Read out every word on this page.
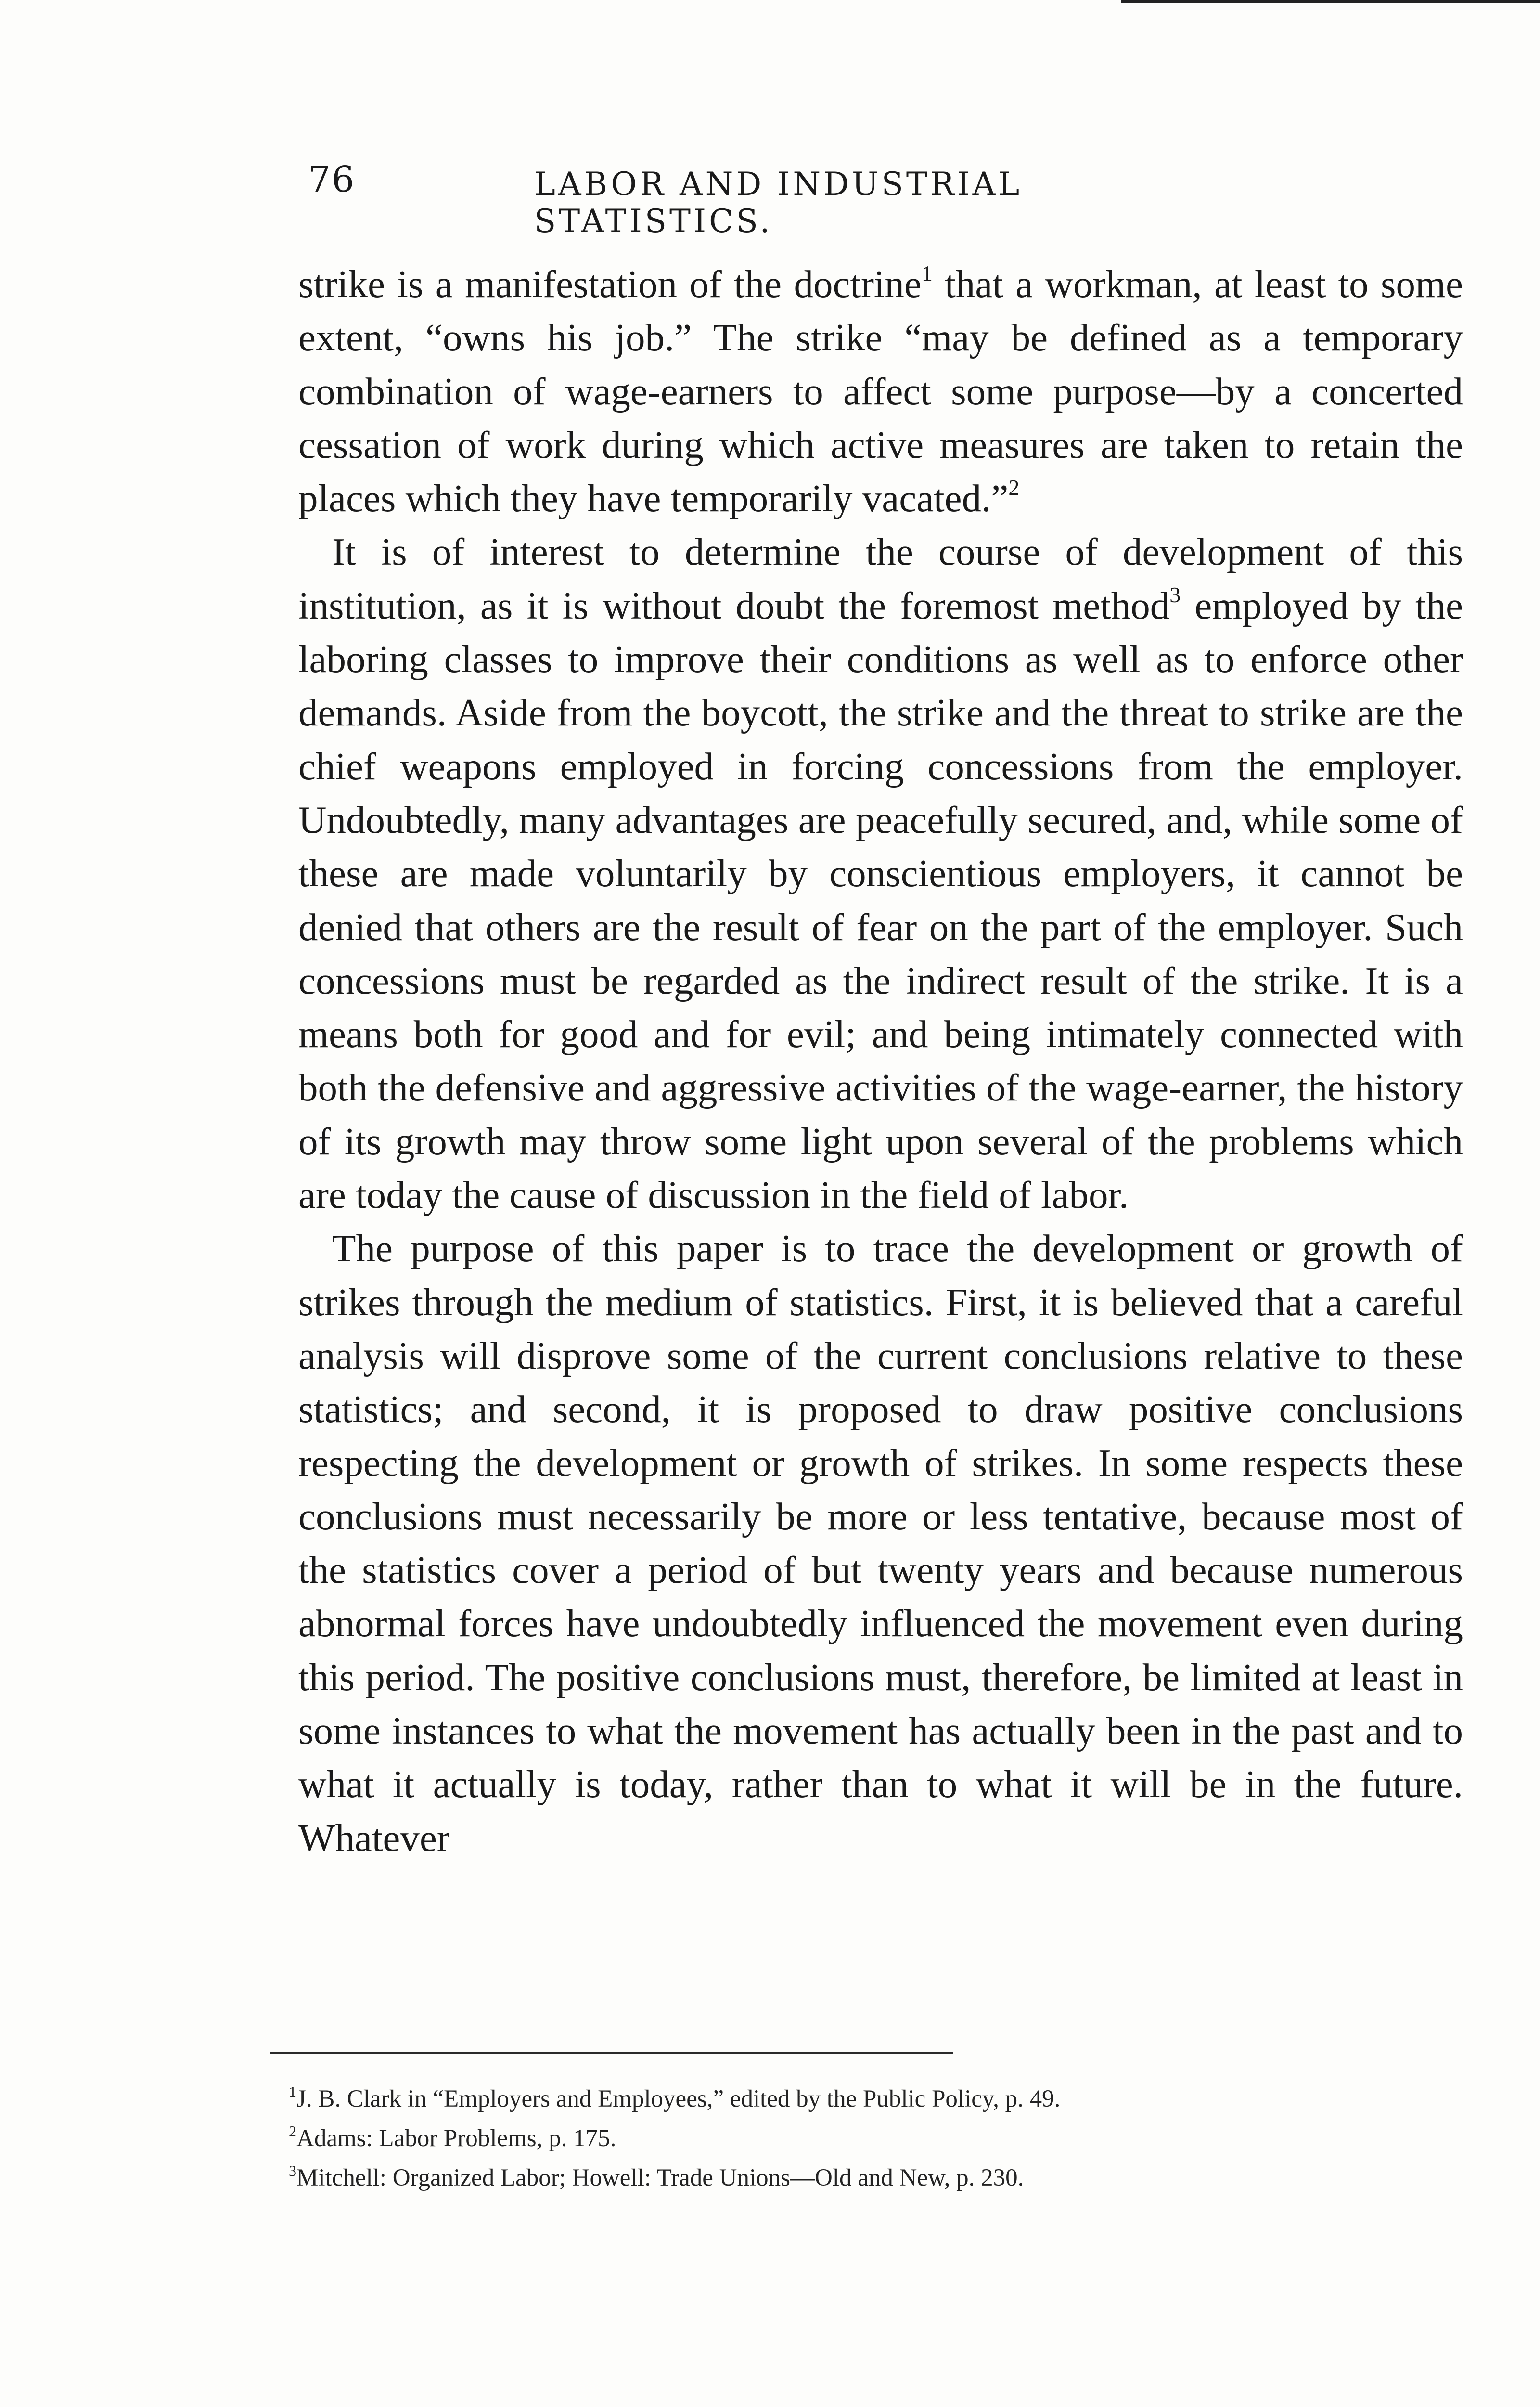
76	LABOR AND INDUSTRIAL STATISTICS.

strike is a manifestation of the doctrine$^1$ that a workman, at least to some extent, “owns his job.” The strike “may be defined as a temporary combination of wage-earners to affect some purpose—by a concerted cessation of work during which active measures are taken to retain the places which they have temporarily vacated.”$^2$

It is of interest to determine the course of development of this institution, as it is without doubt the foremost method$^3$ employed by the laboring classes to improve their conditions as well as to enforce other demands. Aside from the boycott, the strike and the threat to strike are the chief weapons employed in forcing concessions from the employer. Undoubtedly, many advantages are peacefully secured, and, while some of these are made voluntarily by conscientious employers, it cannot be denied that others are the result of fear on the part of the employer. Such concessions must be regarded as the indirect result of the strike. It is a means both for good and for evil; and being intimately connected with both the defensive and aggressive activities of the wage-earner, the history of its growth may throw some light upon several of the problems which are today the cause of discussion in the field of labor.

The purpose of this paper is to trace the development or growth of strikes through the medium of statistics. First, it is believed that a careful analysis will disprove some of the current conclusions relative to these statistics; and second, it is proposed to draw positive conclusions respecting the development or growth of strikes. In some respects these conclusions must necessarily be more or less tentative, because most of the statistics cover a period of but twenty years and because numerous abnormal forces have undoubtedly influenced the movement even during this period. The positive conclusions must, therefore, be limited at least in some instances to what the movement has actually been in the past and to what it actually is today, rather than to what it will be in the future. Whatever

$^1$J. B. Clark in “Employers and Employees,” edited by the Public Policy, p. 49.

$^2$Adams: Labor Problems, p. 175.

$^3$Mitchell: Organized Labor; Howell: Trade Unions—Old and New, p. 230.
